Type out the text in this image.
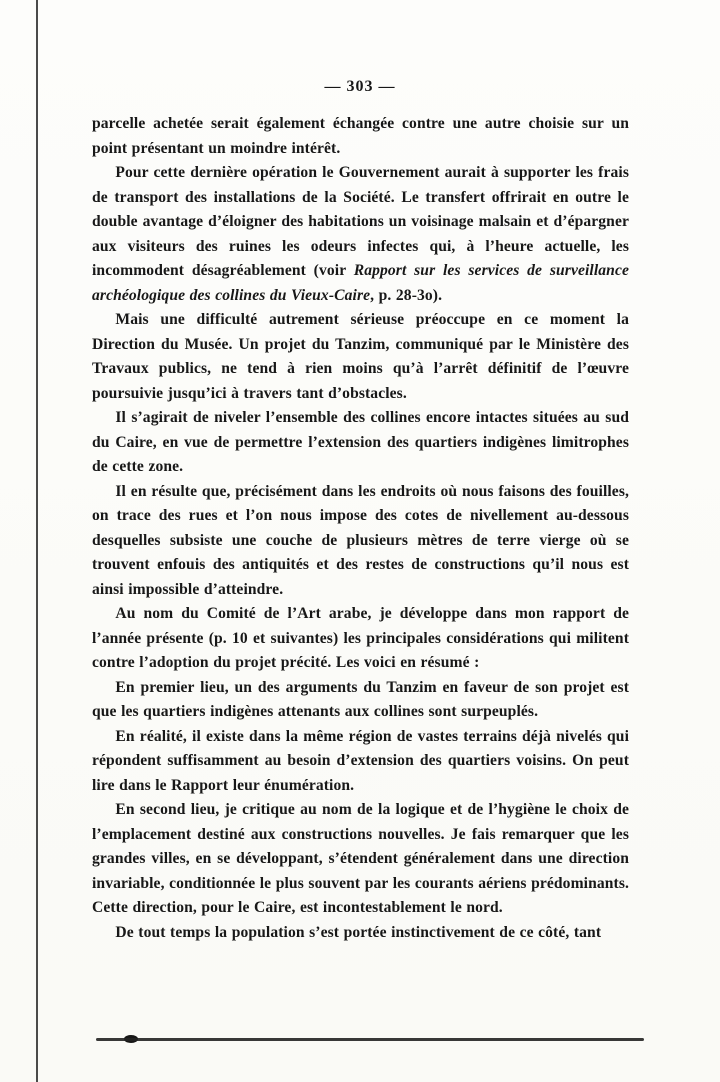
— 303 —

parcelle achetée serait également échangée contre une autre choisie sur un point présentant un moindre intérêt.

Pour cette dernière opération le Gouvernement aurait à supporter les frais de transport des installations de la Société. Le transfert offrirait en outre le double avantage d’éloigner des habitations un voisinage malsain et d’épargner aux visiteurs des ruines les odeurs infectes qui, à l’heure actuelle, les incommodent désagréablement (voir Rapport sur les services de surveillance archéologique des collines du Vieux-Caire, p. 28-3o).

Mais une difficulté autrement sérieuse préoccupe en ce moment la Direction du Musée. Un projet du Tanzim, communiqué par le Ministère des Travaux publics, ne tend à rien moins qu’à l’arrêt définitif de l’œuvre poursuivie jusqu’ici à travers tant d’obstacles.

Il s’agirait de niveler l’ensemble des collines encore intactes situées au sud du Caire, en vue de permettre l’extension des quartiers indigènes limitrophes de cette zone.

Il en résulte que, précisément dans les endroits où nous faisons des fouilles, on trace des rues et l’on nous impose des cotes de nivellement au-dessous desquelles subsiste une couche de plusieurs mètres de terre vierge où se trouvent enfouis des antiquités et des restes de constructions qu’il nous est ainsi impossible d’atteindre.

Au nom du Comité de l’Art arabe, je développe dans mon rapport de l’année présente (p. 10 et suivantes) les principales considérations qui militent contre l’adoption du projet précité. Les voici en résumé :

En premier lieu, un des arguments du Tanzim en faveur de son projet est que les quartiers indigènes attenants aux collines sont surpeuplés.

En réalité, il existe dans la même région de vastes terrains déjà nivelés qui répondent suffisamment au besoin d’extension des quartiers voisins. On peut lire dans le Rapport leur énumération.

En second lieu, je critique au nom de la logique et de l’hygiène le choix de l’emplacement destiné aux constructions nouvelles. Je fais remarquer que les grandes villes, en se développant, s’étendent généralement dans une direction invariable, conditionnée le plus souvent par les courants aériens prédominants. Cette direction, pour le Caire, est incontestablement le nord.

De tout temps la population s’est portée instinctivement de ce côté, tant
